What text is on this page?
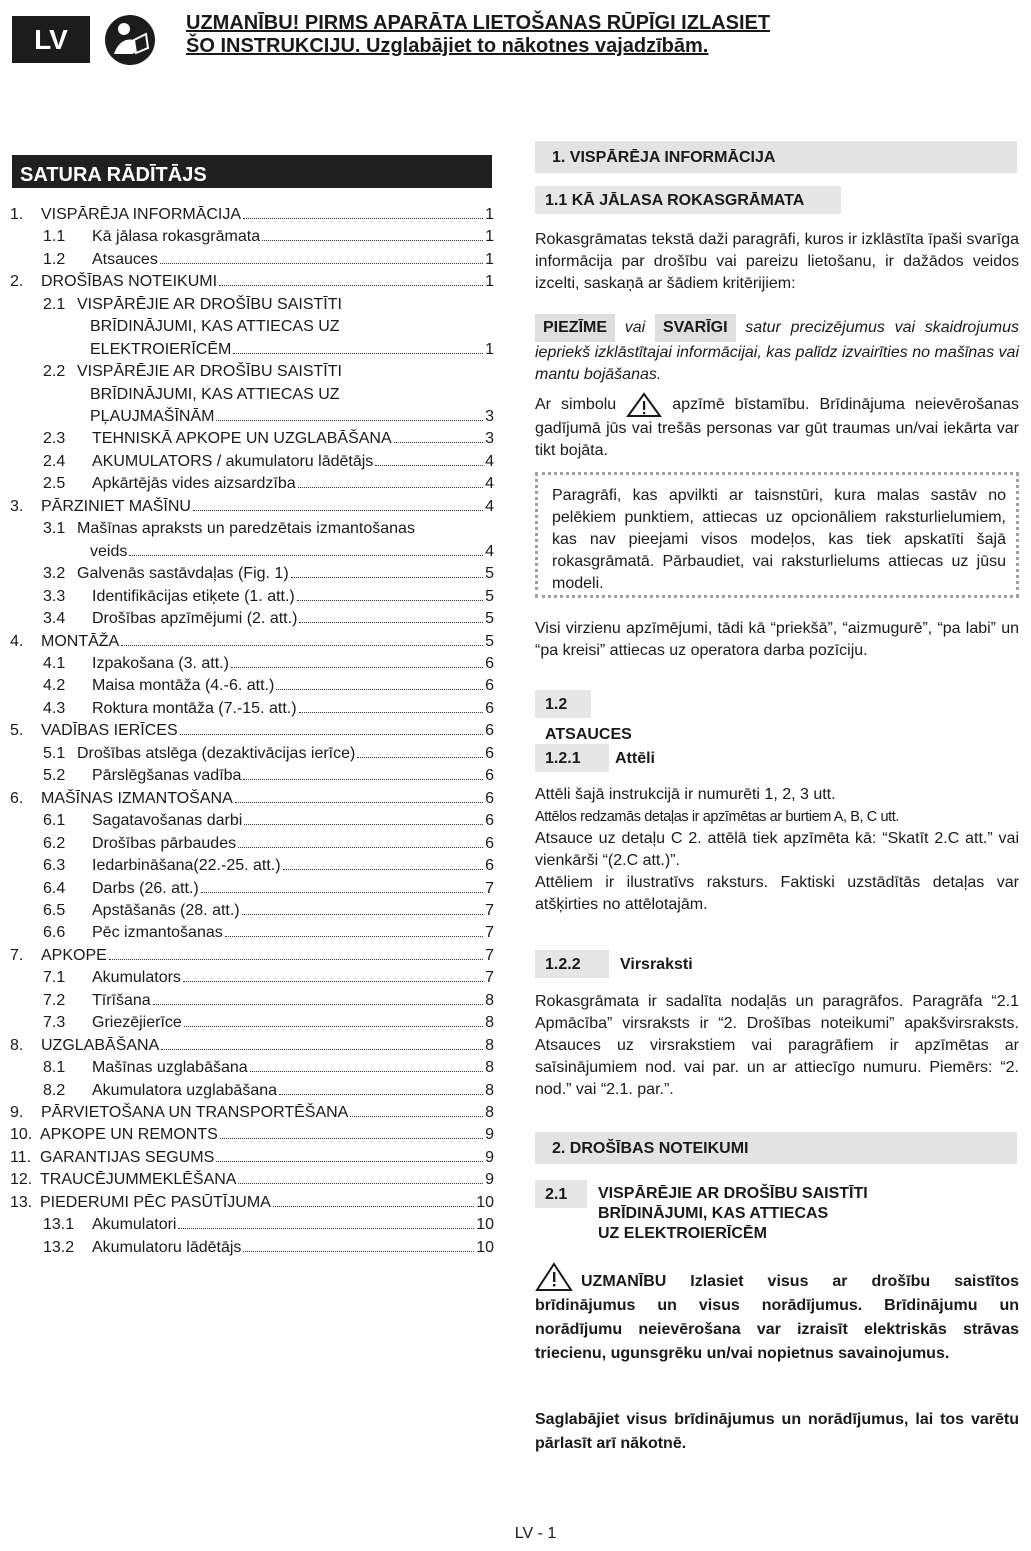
LV
UZMANĪBU! PIRMS APARĀTA LIETOŠANAS RŪPĪGI IZLASIET
ŠO INSTRUKCIJU. Uzglabājiet to nākotnes vajadzībām.
SATURA RĀDĪTĀJS
1.	VISPĀRĒJA INFORMĀCIJA	1
1.1	Kā jālasa rokasgrāmata	1
1.2	Atsauces	1
2.	DROŠĪBAS NOTEIKUMI	1
2.1 VISPĀRĒJIE AR DROŠĪBU SAISTĪTI
BRĪDINĀJUMI, KAS ATTIECAS UZ
ELEKTROIERĪCĒM	1
2.2 VISPĀRĒJIE AR DROŠĪBU SAISTĪTI
BRĪDINĀJUMI, KAS ATTIECAS UZ
PĻAUJMAŠĪNĀM	3
2.3	TEHNISKĀ APKOPE UN UZGLABĀŠANA	3
2.4	AKUMULATORS / akumulatoru lādētājs	4
2.5	Apkārtējās vides aizsardzība	4
3.	PĀRZINIET MAŠĪNU	4
3.1 Mašīnas apraksts un paredzētais izmantošanas
veids	4
3.2 Galvenās sastāvdaļas (Fig. 1)	5
3.3	Identifikācijas etiķete (1. att.)	5
3.4	Drošības apzīmējumi (2. att.)	5
4.	MONTĀŽA	5
4.1	Izpakošana (3. att.)	6
4.2	Maisa montāža (4.-6. att.)	6
4.3	Roktura montāža (7.-15. att.)	6
5.	VADĪBAS IERĪCES	6
5.1 Drošības atslēga (dezaktivācijas ierīce)	6
5.2	Pārslēgšanas vadība	6
6.	MAŠĪNAS IZMANTOŠANA	6
6.1	Sagatavošanas darbi	6
6.2	Drošības pārbaudes	6
6.3	Iedarbināšana(22.-25. att.)	6
6.4	Darbs (26. att.)	7
6.5	Apstāšanās (28. att.)	7
6.6	Pēc izmantošanas	7
7.	APKOPE	7
7.1	Akumulators	7
7.2	Tīrīšana	8
7.3	Griezējierīce	8
8.	UZGLABĀŠANA	8
8.1	Mašīnas uzglabāšana	8
8.2	Akumulatora uzglabāšana	8
9.	PĀRVIETOŠANA UN TRANSPORTĒŠANA	8
10. APKOPE UN REMONTS	9
11. GARANTIJAS SEGUMS	9
12. TRAUCĒJUMMEKLĒŠANA	9
13. PIEDERUMI PĒC PASŪTĪJUMA	10
13.1	Akumulatori	10
13.2	Akumulatoru lādētājs	10
1. VISPĀRĒJA INFORMĀCIJA
1.1 KĀ JĀLASA ROKASGRĀMATA
Rokasgrāmatas tekstā daži paragrāfi, kuros ir izklāstīta īpaši svarīga informācija par drošību vai pareizu lietošanu, ir dažādos veidos izcelti, saskaņā ar šādiem kritērijiem:
PIEZĪME vai SVARĪGI satur precizējumus vai skaidrojumus iepriekš izklāstītajai informācijai, kas palīdz izvairīties no mašīnas vai mantu bojāšanas.
Ar simbolu	apzīmē bīstamību. Brīdinājuma neievērošanas gadījumā jūs vai trešās personas var gūt traumas un/vai iekārta var tikt bojāta.
Paragrāfi, kas apvilkti ar taisnstūri, kura malas sastāv no pelēkiem punktiem, attiecas uz opcionāliem raksturlielumiem, kas nav pieejami visos modeļos, kas tiek apskatīti šajā rokasgrāmatā. Pārbaudiet, vai raksturlielums attiecas uz jūsu modeli.
Visi virzienu apzīmējumi, tādi kā “priekšā”, “aizmugurē”, “pa labi” un “pa kreisi” attiecas uz operatora darba pozīciju.
1.2 ATSAUCES
1.2.1	Attēli
Attēli šajā instrukcijā ir numurēti 1, 2, 3 utt.
Attēlos redzamās detaļas ir apzīmētas ar burtiem A, B, C utt.
Atsauce uz detaļu C 2. attēlā tiek apzīmēta kā: “Skatīt 2.C att.” vai vienkārši “(2.C att.)”.
Attēliem ir ilustratīvs raksturs. Faktiski uzstādītās detaļas var atšķirties no attēlotajām.
1.2.2	Virsraksti
Rokasgrāmata ir sadalīta nodaļās un paragrāfos. Paragrāfa “2.1 Apmācība” virsraksts ir “2. Drošības noteikumi” apakšvirsraksts. Atsauces uz virsrakstiem vai paragrāfiem ir apzīmētas ar saīsinājumiem nod. vai par. un ar attiecīgo numuru. Piemērs: “2. nod.” vai “2.1. par.”.
2. DROŠĪBAS NOTEIKUMI
2.1	VISPĀRĒJIE AR DROŠĪBU SAISTĪTI
BRĪDINĀJUMI, KAS ATTIECAS
UZ ELEKTROIERĪCĒM
UZMANĪBU Izlasiet visus ar drošību saistītos brīdinājumus un visus norādījumus. Brīdinājumu un norādījumu neievērošana var izraisīt elektriskās strāvas triecienu, ugunsgrēku un/vai nopietnus savainojumus.
Saglabājiet visus brīdinājumus un norādījumus, lai tos varētu pārlasīt arī nākotnē.
LV - 1
